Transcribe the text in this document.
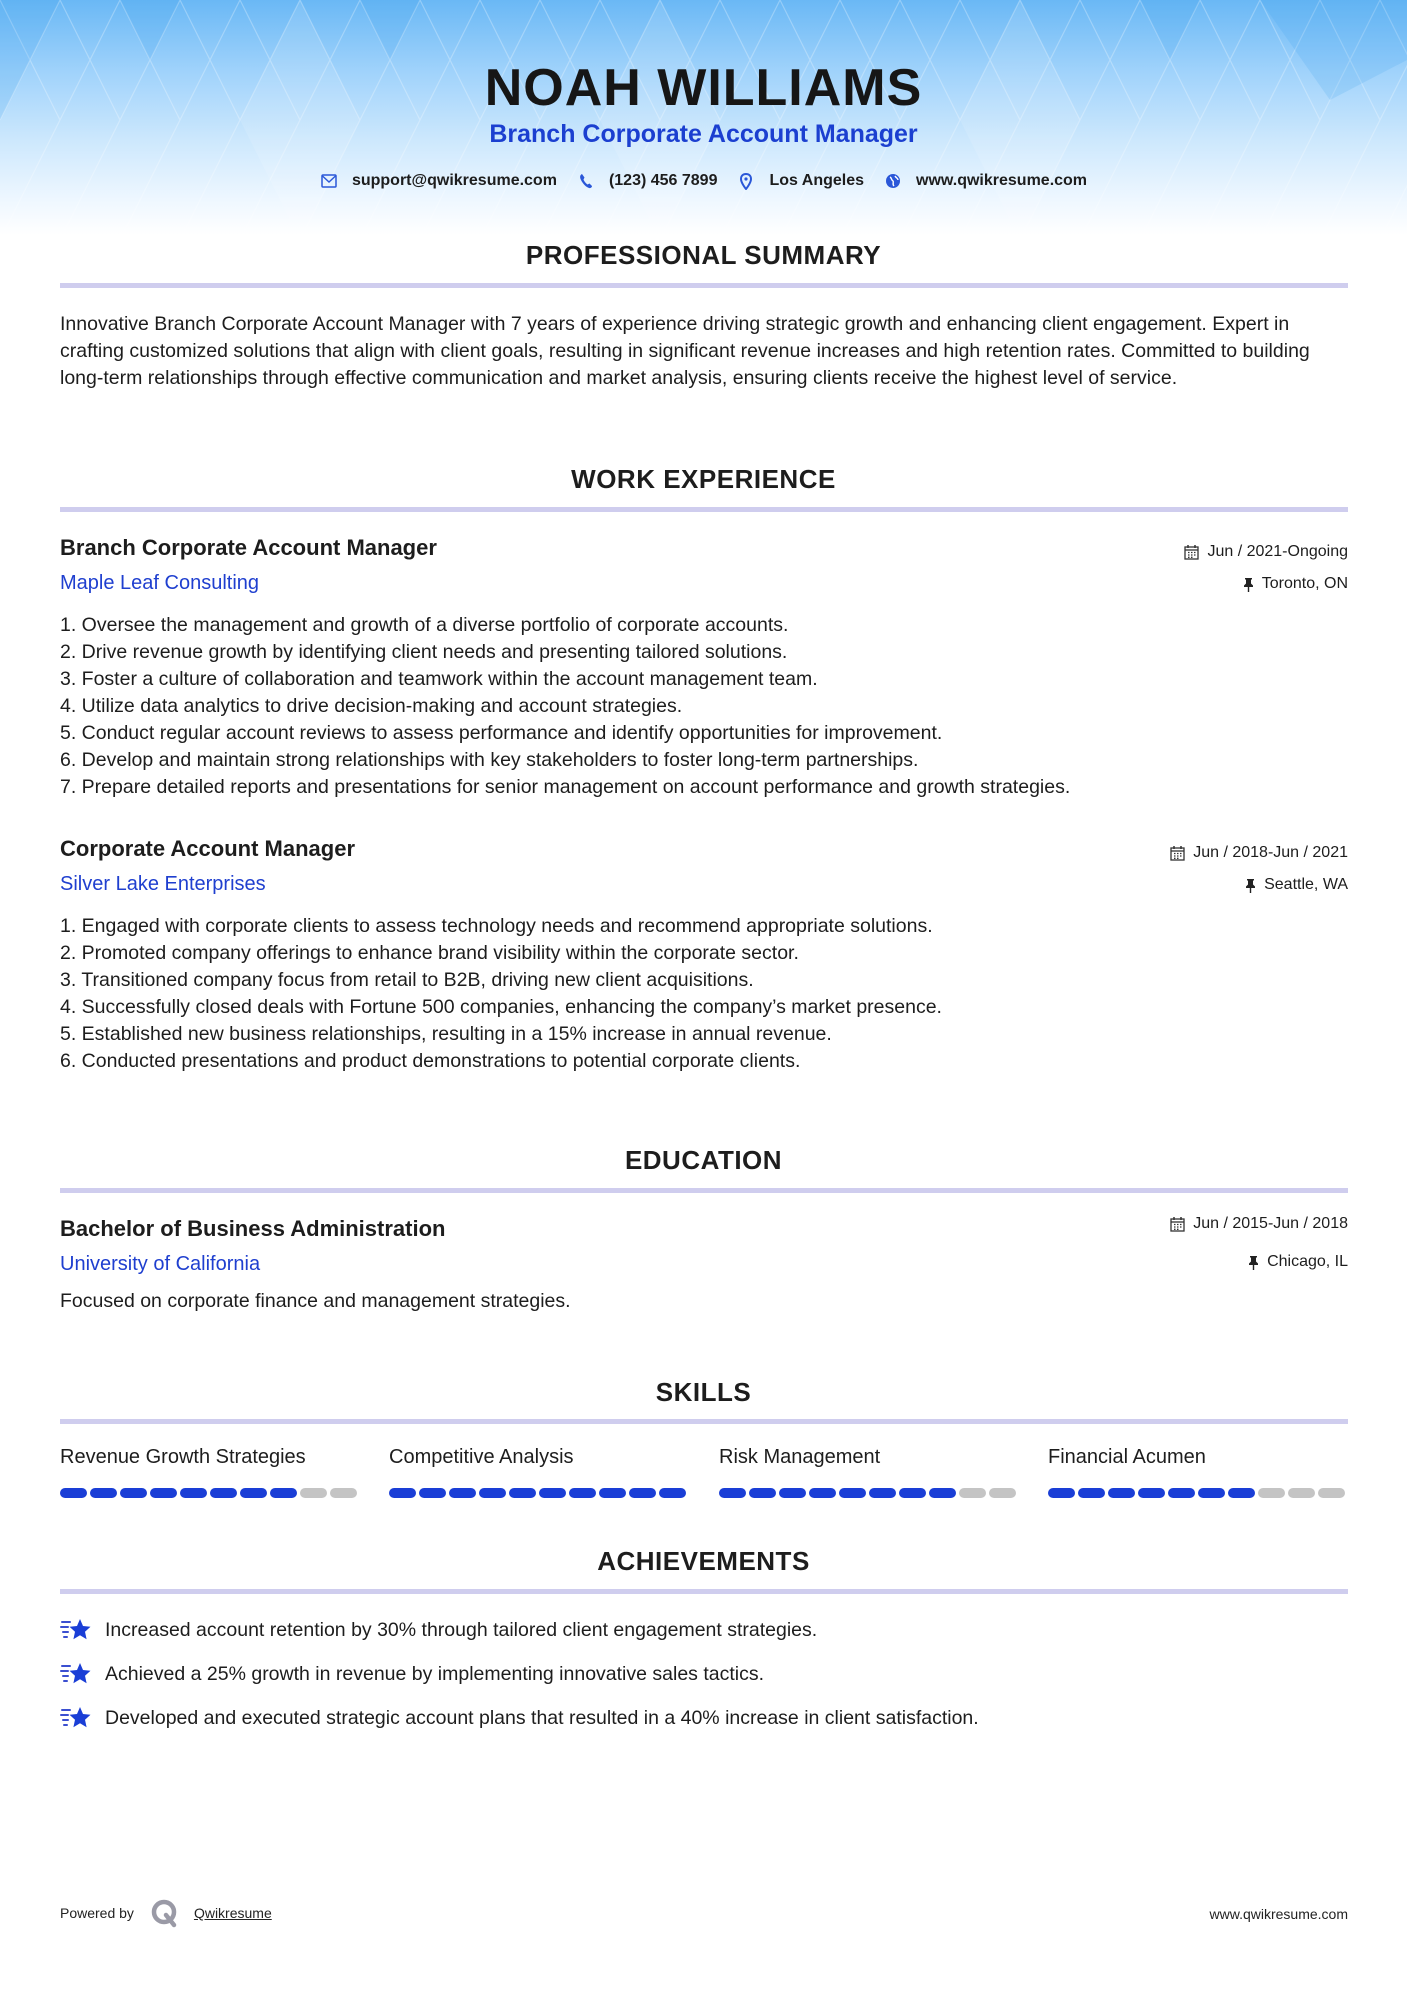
NOAH WILLIAMS
Branch Corporate Account Manager
support@qwikresume.com	(123) 456 7899	Los Angeles	www.qwikresume.com
PROFESSIONAL SUMMARY
Innovative Branch Corporate Account Manager with 7 years of experience driving strategic growth and enhancing client engagement. Expert in crafting customized solutions that align with client goals, resulting in significant revenue increases and high retention rates. Committed to building long-term relationships through effective communication and market analysis, ensuring clients receive the highest level of service.
WORK EXPERIENCE
Branch Corporate Account Manager
Maple Leaf Consulting
Jun / 2021-Ongoing
Toronto, ON
1. Oversee the management and growth of a diverse portfolio of corporate accounts.
2. Drive revenue growth by identifying client needs and presenting tailored solutions.
3. Foster a culture of collaboration and teamwork within the account management team.
4. Utilize data analytics to drive decision-making and account strategies.
5. Conduct regular account reviews to assess performance and identify opportunities for improvement.
6. Develop and maintain strong relationships with key stakeholders to foster long-term partnerships.
7. Prepare detailed reports and presentations for senior management on account performance and growth strategies.
Corporate Account Manager
Silver Lake Enterprises
Jun / 2018-Jun / 2021
Seattle, WA
1. Engaged with corporate clients to assess technology needs and recommend appropriate solutions.
2. Promoted company offerings to enhance brand visibility within the corporate sector.
3. Transitioned company focus from retail to B2B, driving new client acquisitions.
4. Successfully closed deals with Fortune 500 companies, enhancing the company’s market presence.
5. Established new business relationships, resulting in a 15% increase in annual revenue.
6. Conducted presentations and product demonstrations to potential corporate clients.
EDUCATION
Bachelor of Business Administration
University of California
Jun / 2015-Jun / 2018
Chicago, IL
Focused on corporate finance and management strategies.
SKILLS
Revenue Growth Strategies	Competitive Analysis	Risk Management	Financial Acumen
ACHIEVEMENTS
Increased account retention by 30% through tailored client engagement strategies.
Achieved a 25% growth in revenue by implementing innovative sales tactics.
Developed and executed strategic account plans that resulted in a 40% increase in client satisfaction.
Powered by	Qwikresume	www.qwikresume.com
